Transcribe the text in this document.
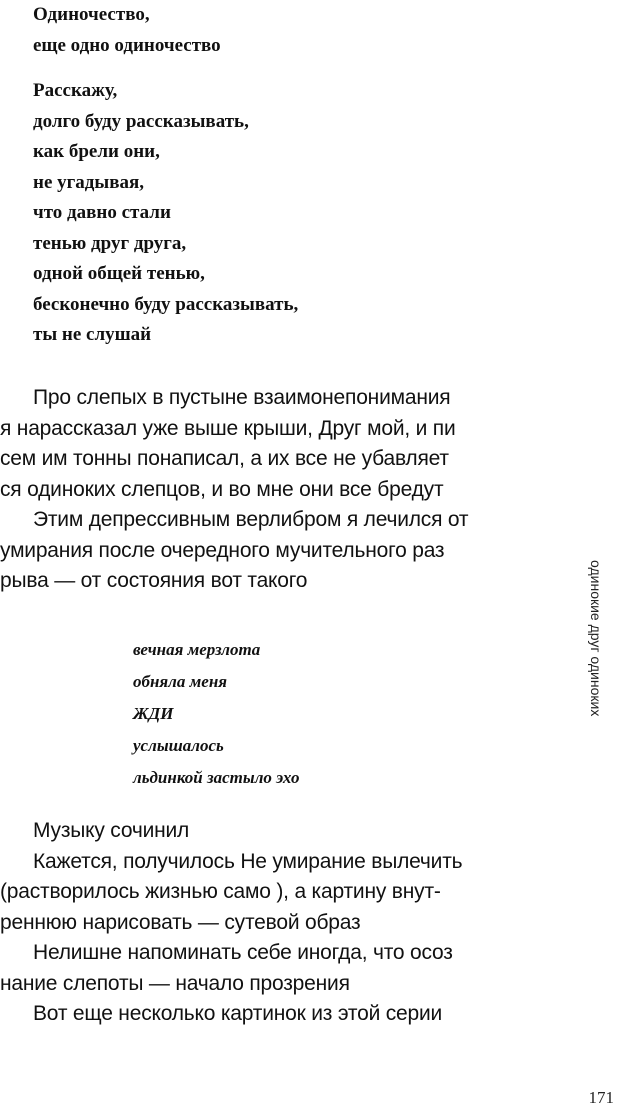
Одиночество,
еще одно одиночество
Расскажу,
долго буду рассказывать,
как брели они,
не угадывая,
что давно стали
тенью друг друга,
одной общей тенью,
бесконечно буду рассказывать,
ты не слушай
Про слепых в пустыне взаимонепонимания
я нарассказал уже выше крыши, Друг мой, и пи
сем им тонны понаписал, а их все не убавляет
ся одиноких слепцов, и во мне они все бредут
Этим депрессивным верлибром я лечился от
умирания после очередного мучительного раз
рыва — от состояния вот такого
вечная мерзлота
обняла меня
ЖДИ
услышалось
льдинкой застыло эхо
Музыку сочинил
Кажется, получилось Не умирание вылечить
(растворилось жизнью само ), а картину внут-
реннюю нарисовать — сутевой образ
Нелишне напоминать себе иногда, что осоз
нание слепоты — начало прозрения
Вот еще несколько картинок из этой серии
одинокие друг одиноких
171
